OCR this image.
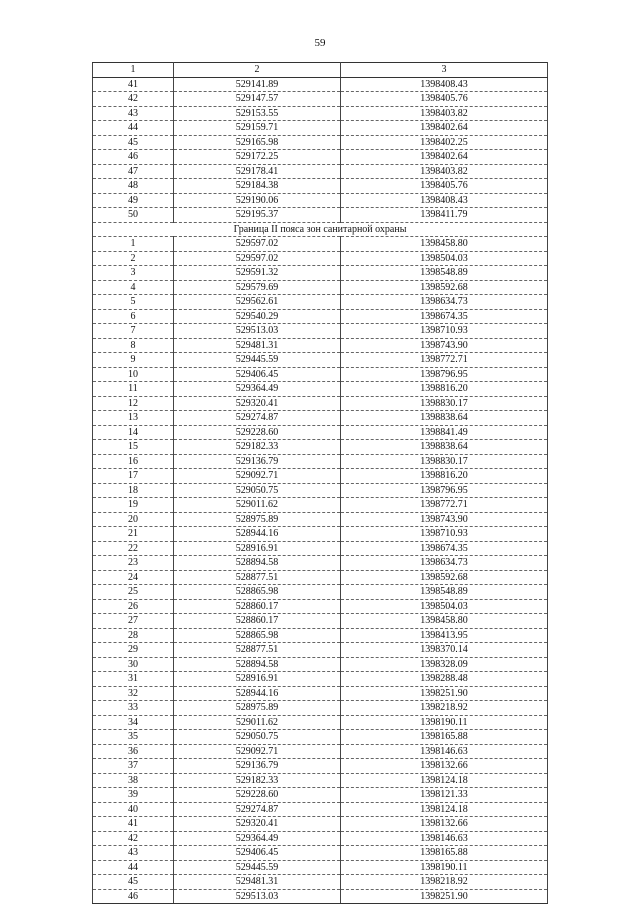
59
1	2	3
41	529141.89	1398408.43
42	529147.57	1398405.76
43	529153.55	1398403.82
44	529159.71	1398402.64
45	529165.98	1398402.25
46	529172.25	1398402.64
47	529178.41	1398403.82
48	529184.38	1398405.76
49	529190.06	1398408.43
50	529195.37	1398411.79
Граница II пояса зон санитарной охраны		
1	529597.02	1398458.80
2	529597.02	1398504.03
3	529591.32	1398548.89
4	529579.69	1398592.68
5	529562.61	1398634.73
6	529540.29	1398674.35
7	529513.03	1398710.93
8	529481.31	1398743.90
9	529445.59	1398772.71
10	529406.45	1398796.95
11	529364.49	1398816.20
12	529320.41	1398830.17
13	529274.87	1398838.64
14	529228.60	1398841.49
15	529182.33	1398838.64
16	529136.79	1398830.17
17	529092.71	1398816.20
18	529050.75	1398796.95
19	529011.62	1398772.71
20	528975.89	1398743.90
21	528944.16	1398710.93
22	528916.91	1398674.35
23	528894.58	1398634.73
24	528877.51	1398592.68
25	528865.98	1398548.89
26	528860.17	1398504.03
27	528860.17	1398458.80
28	528865.98	1398413.95
29	528877.51	1398370.14
30	528894.58	1398328.09
31	528916.91	1398288.48
32	528944.16	1398251.90
33	528975.89	1398218.92
34	529011.62	1398190.11
35	529050.75	1398165.88
36	529092.71	1398146.63
37	529136.79	1398132.66
38	529182.33	1398124.18
39	529228.60	1398121.33
40	529274.87	1398124.18
41	529320.41	1398132.66
42	529364.49	1398146.63
43	529406.45	1398165.88
44	529445.59	1398190.11
45	529481.31	1398218.92
46	529513.03	1398251.90
